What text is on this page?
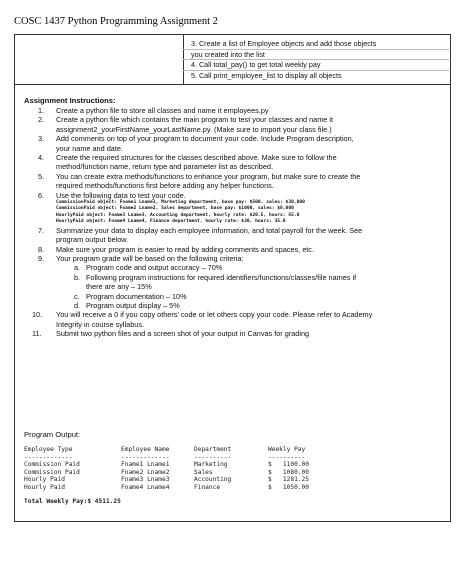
COSC 1437 Python Programming Assignment 2
3. Create a list of Employee objects and add those objects
you created into the list
4. Call total_pay() to get total weekly pay
5. Call print_employee_list to display all objects
Assignment Instructions:
1.	Create a python file to store all classes and name it employees.py
2.	Create a python file which contains the main program to test your classes and name it
assignment2_yourFirstName_yourLastName.py. (Make sure to import your class file.)
3.	Add comments on top of your program to document your code. Include Program description,
your name and date.
4.	Create the required structures for the classes described above. Make sure to follow the
method/function name, return type and parameter list as described.
5.	You can create extra methods/functions to enhance your program, but make sure to create the
required methods/functions first before adding any helper functions.
6.	Use the following data to test your code.
CommissionPaid object: Fname1 Lname1, Marketing department, base pay: $500, sales: $30,000
CommissionPaid object: Fname2 Lname2, Sales department, base pay: $1000, sales: $8,000
HourlyPaid object: Fname3 Lname3, Accounting department, hourly rate: $20.5, hours: 55.0
HourlyPaid object: Fname4 Lname4, Finance department, hourly rate: $30, hours: 35.0
7.	Summarize your data to display each employee information, and total payroll for the week. See
program output below.
8.	Make sure your program is easier to read by adding comments and spaces, etc.
9.	Your program grade will be based on the following criteria:
a. Program code and output accuracy – 70%
b. Following program instructions for required identifiers/functions/classes/file names if
there are any – 15%
c. Program documentation – 10%
d. Program output display – 5%
10.	You will receive a 0 if you copy others’ code or let others copy your code. Please refer to Academy
Integrity in course syllabus.
11.	Submit two python files and a screen shot of your output in Canvas for grading
Program Output:
Employee Type	Employee Name	Department	Weekly Pay
-------------	-------------	----------	----------
Commission Paid	Fname1 Lname1	Marketing	$   1100.00
Commission Paid	Fname2 Lname2	Sales	$   1080.00
Hourly Paid	Fname3 Lname3	Accounting	$   1281.25
Hourly Paid	Fname4 Lname4	Finance	$   1050.00
Total Weekly Pay:$ 4511.25
